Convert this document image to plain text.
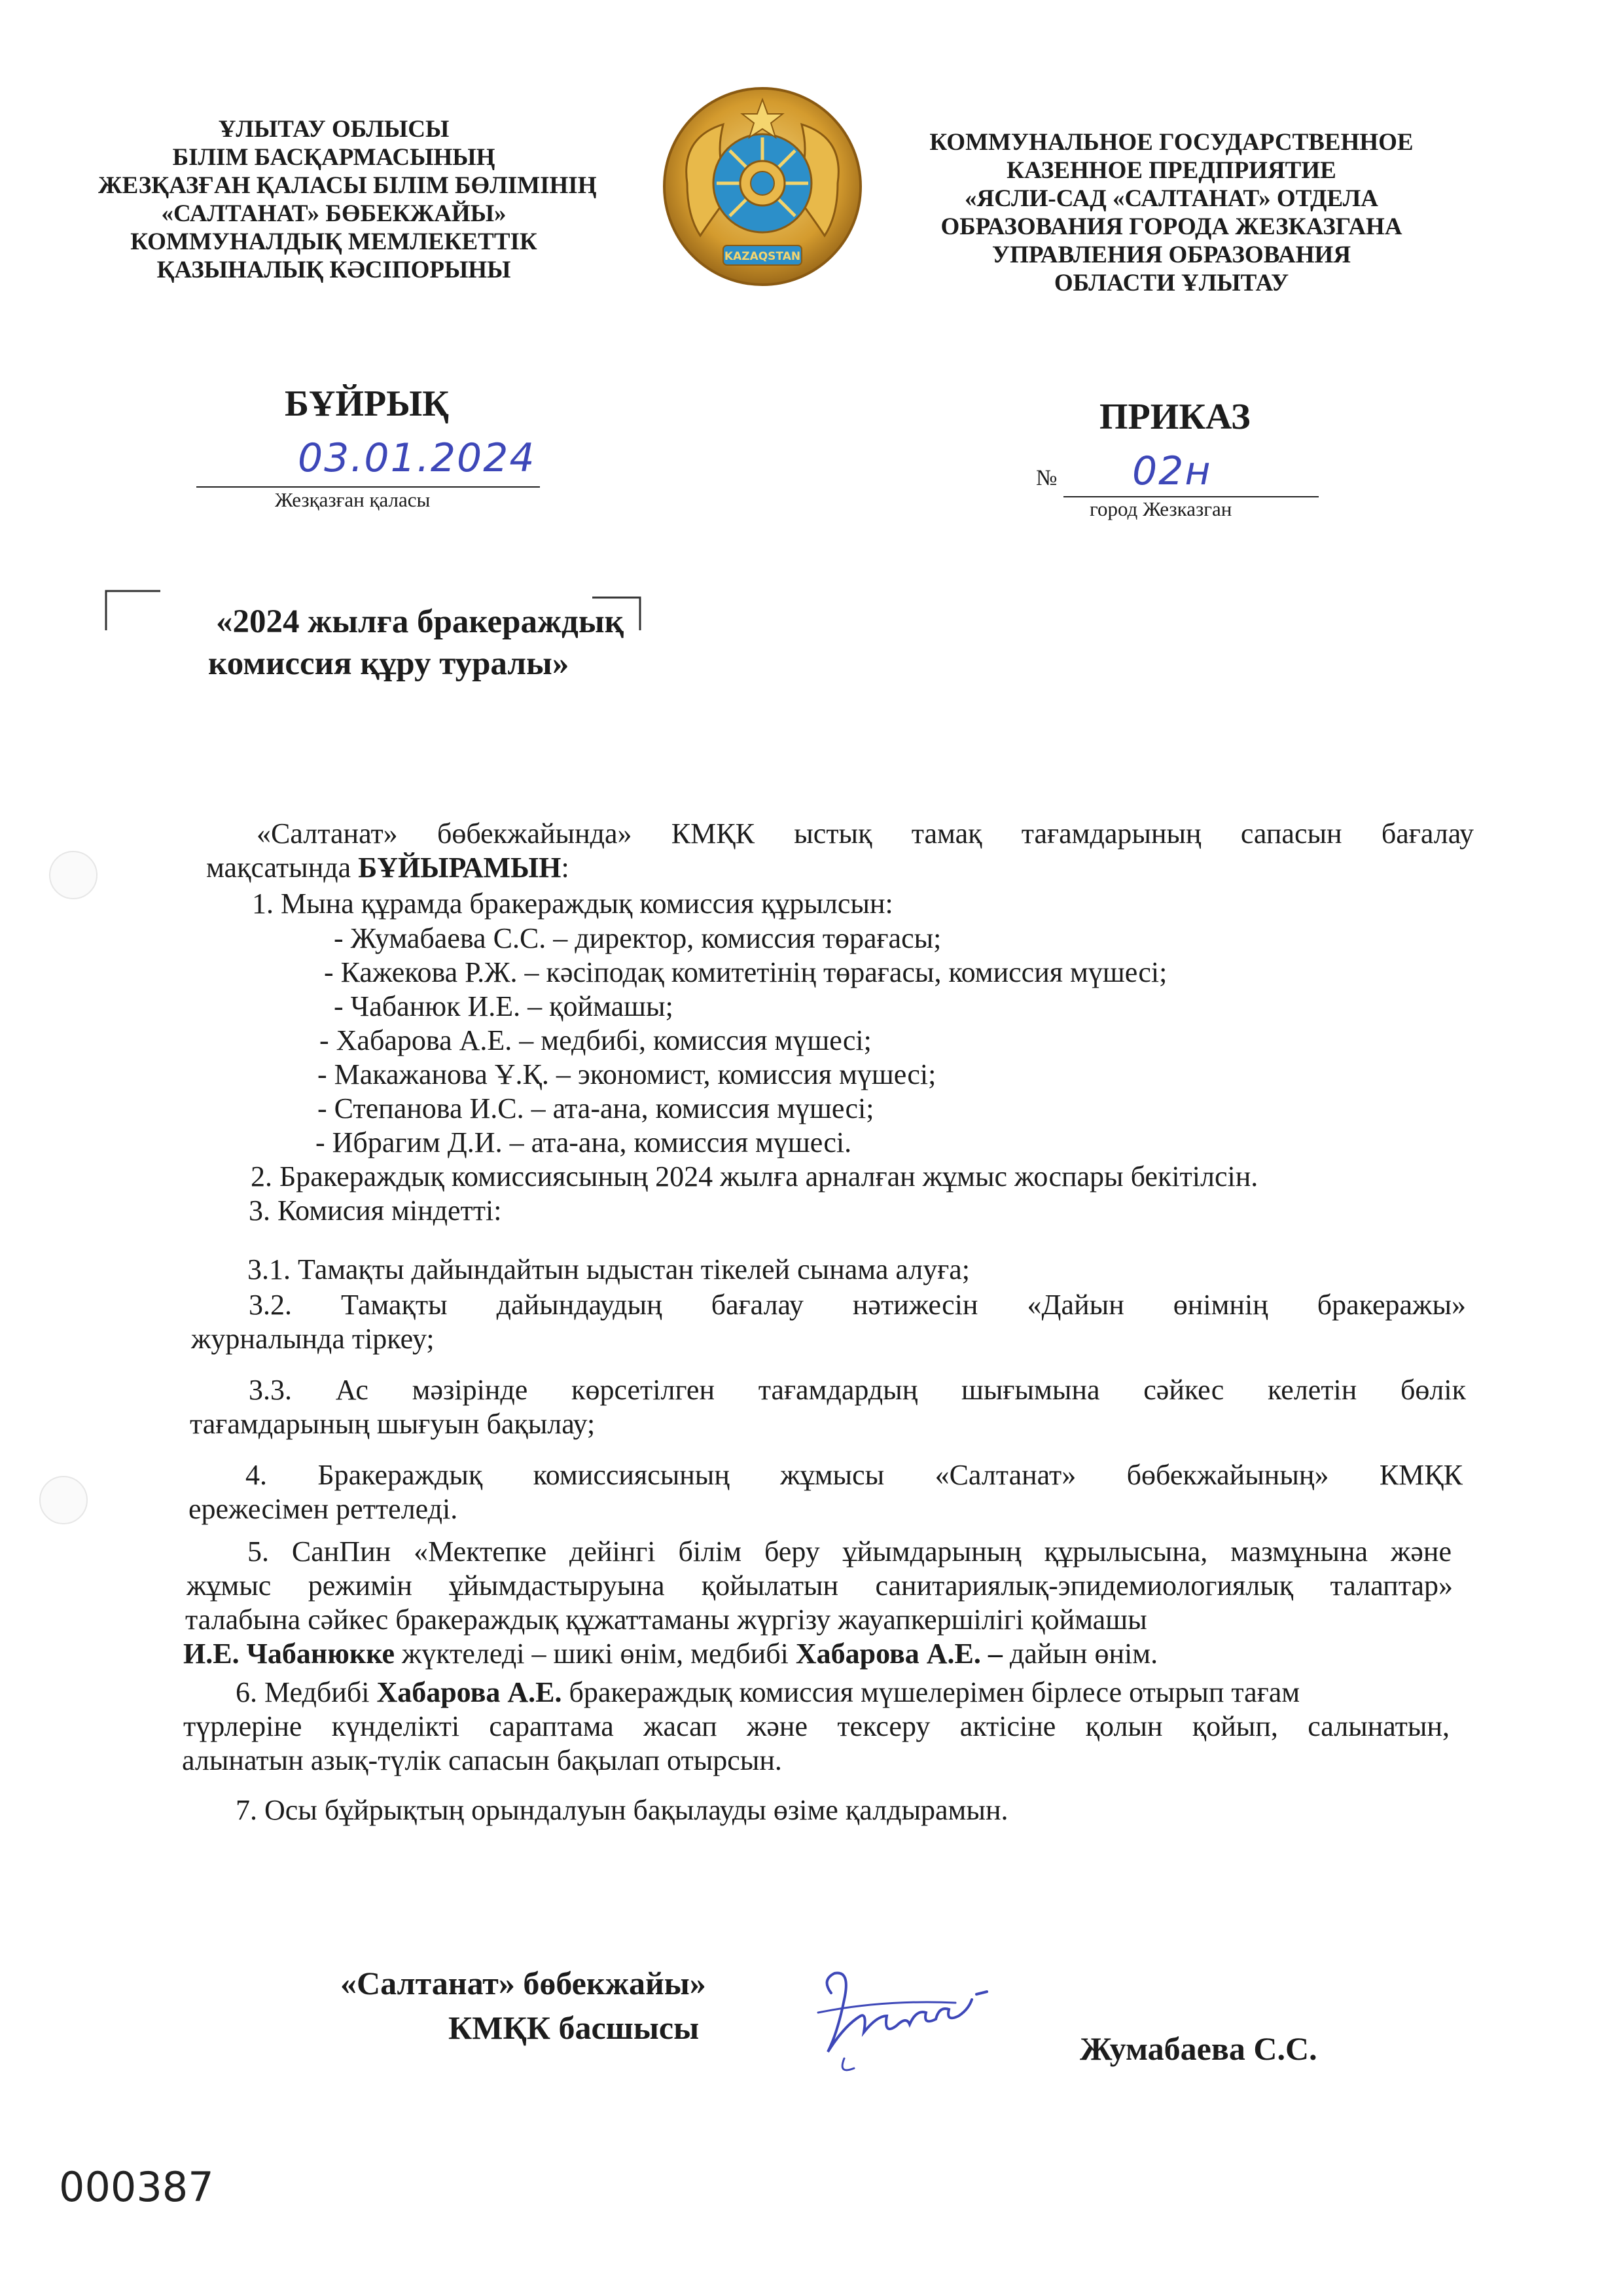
ҰЛЫТАУ ОБЛЫСЫ
БІЛІМ БАСҚАРМАСЫНЫҢ
ЖЕЗҚАЗҒАН ҚАЛАСЫ БІЛІМ БӨЛІМІНІҢ
«САЛТАНАТ» БӨБЕКЖАЙЫ»
КОММУНАЛДЫҚ МЕМЛЕКЕТТІК
ҚАЗЫНАЛЫҚ КӘСІПОРЫНЫ	KAZAQSTAN
КОММУНАЛЬНОЕ ГОСУДАРСТВЕННОЕ
КАЗЕННОЕ ПРЕДПРИЯТИЕ
«ЯСЛИ-САД «САЛТАНАТ» ОТДЕЛА
ОБРАЗОВАНИЯ ГОРОДА ЖЕЗКАЗГАНА
УПРАВЛЕНИЯ ОБРАЗОВАНИЯ
ОБЛАСТИ ҰЛЫТАУ
БҰЙРЫҚ
03.01.2024
Жезқазған қаласы
ПРИКАЗ
№ 02н
город Жезказган
«2024 жылға бракераждық
комиссия құру туралы»
«Салтанат» бөбекжайында» КМҚК ыстық тамақ тағамдарының сапасын бағалау
мақсатында БҰЙЫРАМЫН:
1. Мына құрамда бракераждық комиссия құрылсын:
- Жумабаева С.С. – директор, комиссия төрағасы;
- Кажекова Р.Ж. – кәсіподақ комитетінің төрағасы, комиссия мүшесі;
- Чабанюк И.Е. – қоймашы;
- Хабарова А.Е. – медбибі, комиссия мүшесі;
- Макажанова Ұ.Қ. – экономист, комиссия мүшесі;
- Степанова И.С. – ата-ана, комиссия мүшесі;
- Ибрагим Д.И. – ата-ана, комиссия мүшесі.
2. Бракераждық комиссиясының 2024 жылға арналған жұмыс жоспары бекітілсін.
3. Комисия міндетті:
3.1. Тамақты дайындайтын ыдыстан тікелей сынама алуға;
3.2. Тамақты дайындаудың бағалау нәтижесін «Дайын өнімнің бракеражы»
журналында тіркеу;
3.3. Ас мәзірінде көрсетілген тағамдардың шығымына сәйкес келетін бөлік
тағамдарының шығуын бақылау;
4. Бракераждық комиссиясының жұмысы «Салтанат» бөбекжайының» КМҚК
ережесімен реттеледі.
5. СанПин «Мектепке дейінгі білім беру ұйымдарының құрылысына, мазмұнына және
жұмыс режимін ұйымдастыруына қойылатын санитариялық-эпидемиологиялық талаптар»
талабына сәйкес бракераждық құжаттаманы жүргізу жауапкершілігі қоймашы
И.Е. Чабанюкке жүктеледі – шикі өнім, медбибі Хабарова А.Е. – дайын өнім.
6. Медбибі Хабарова А.Е. бракераждық комиссия мүшелерімен бірлесе отырып тағам
түрлеріне күнделікті сараптама жасап және тексеру актісіне қолын қойып, салынатын,
алынатын азық-түлік сапасын бақылап отырсын.
7. Осы бұйрықтың орындалуын бақылауды өзіме қалдырамын.
«Салтанат» бөбекжайы»
КМҚК басшысы
Жумабаева С.С.
000387
